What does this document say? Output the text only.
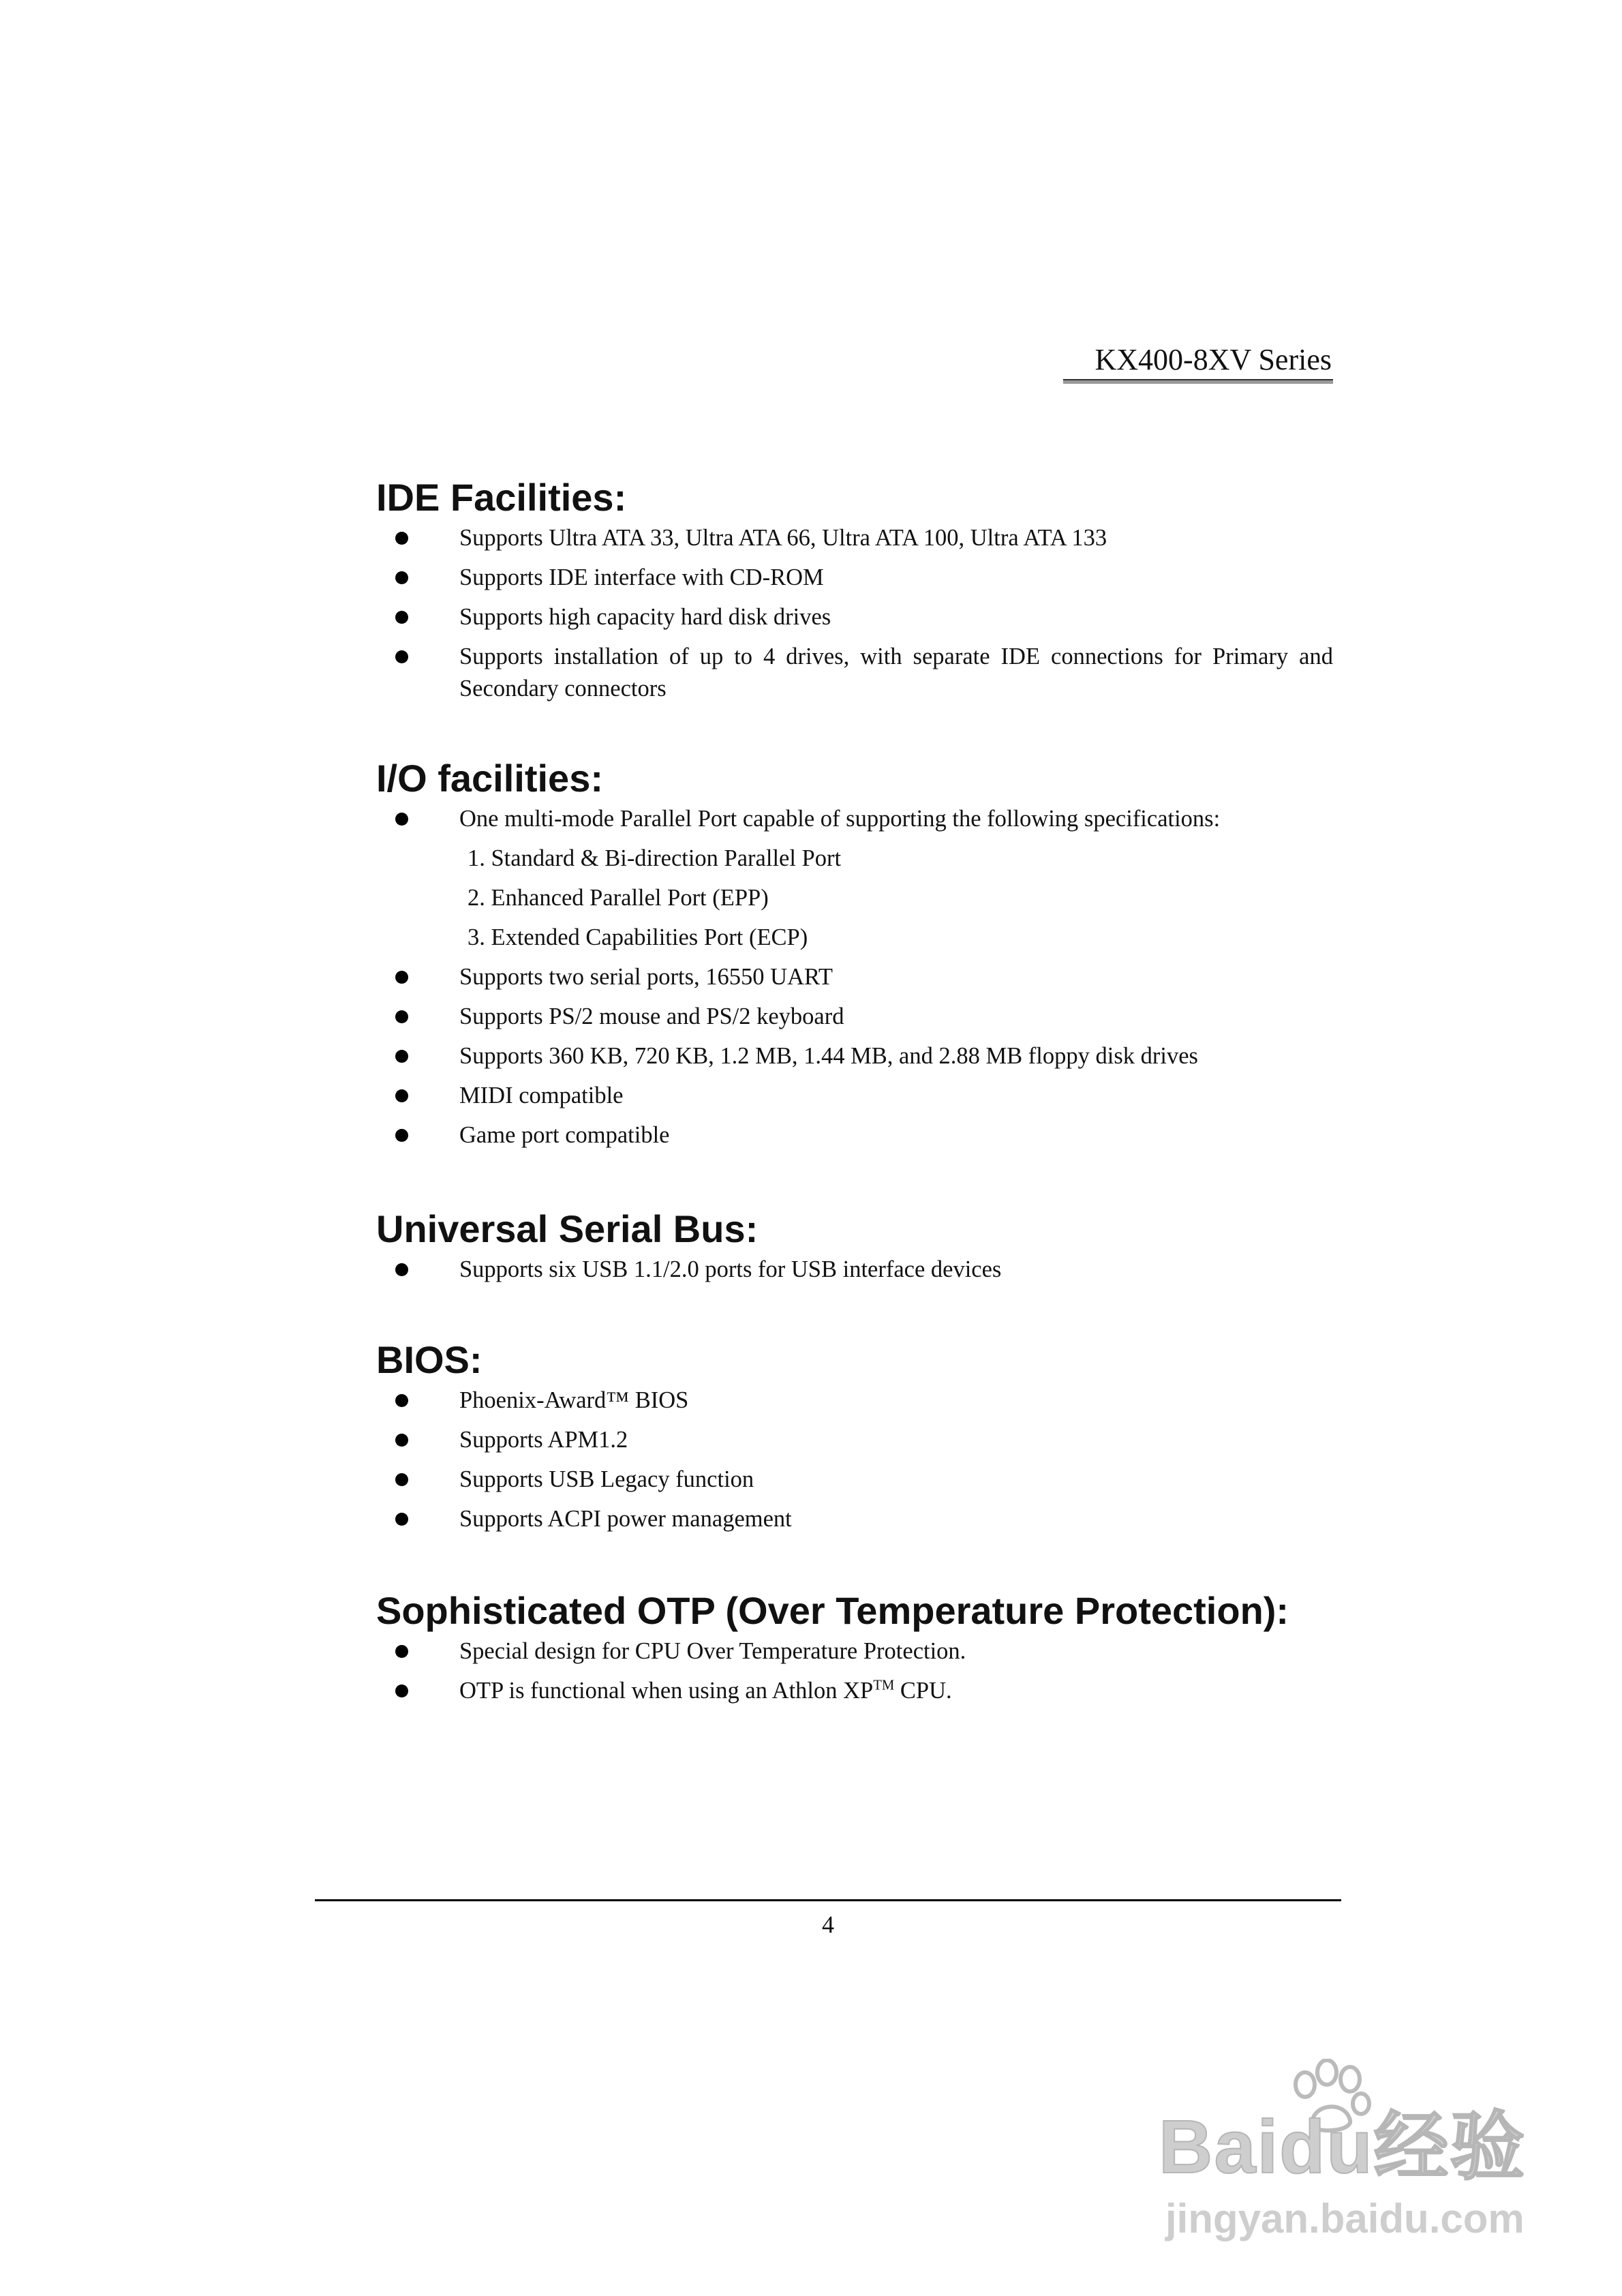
KX400-8XV Series
IDE Facilities:
Supports Ultra ATA 33, Ultra ATA 66, Ultra ATA 100, Ultra ATA 133
Supports IDE interface with CD-ROM
Supports high capacity hard disk drives
Supports installation of up to 4 drives, with separate IDE connections for Primary and Secondary connectors
I/O facilities:
One multi-mode Parallel Port capable of supporting the following specifications:
1. Standard & Bi-direction Parallel Port
2. Enhanced Parallel Port (EPP)
3. Extended Capabilities Port (ECP)
Supports two serial ports, 16550 UART
Supports PS/2 mouse and PS/2 keyboard
Supports 360 KB, 720 KB, 1.2 MB, 1.44 MB, and 2.88 MB floppy disk drives
MIDI compatible
Game port compatible
Universal Serial Bus:
Supports six USB 1.1/2.0 ports for USB interface devices
BIOS:
Phoenix-Award™ BIOS
Supports APM1.2
Supports USB Legacy function
Supports ACPI power management
Sophisticated OTP (Over Temperature Protection):
Special design for CPU Over Temperature Protection.
OTP is functional when using an Athlon XP™ CPU.
4
Baidu经验
jingyan.baidu.com
